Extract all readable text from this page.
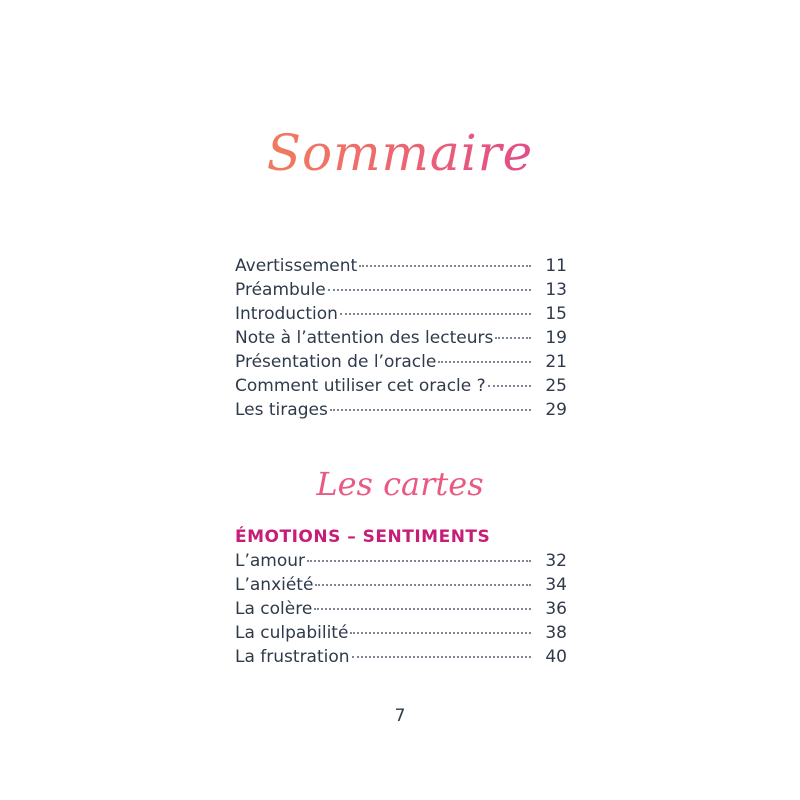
Sommaire
Avertissement	11
Préambule	13
Introduction	15
Note à l’attention des lecteurs	19
Présentation de l’oracle	21
Comment utiliser cet oracle ?	25
Les tirages	29
Les cartes
ÉMOTIONS – SENTIMENTS
L’amour	32
L’anxiété	34
La colère	36
La culpabilité	38
La frustration	40
7
